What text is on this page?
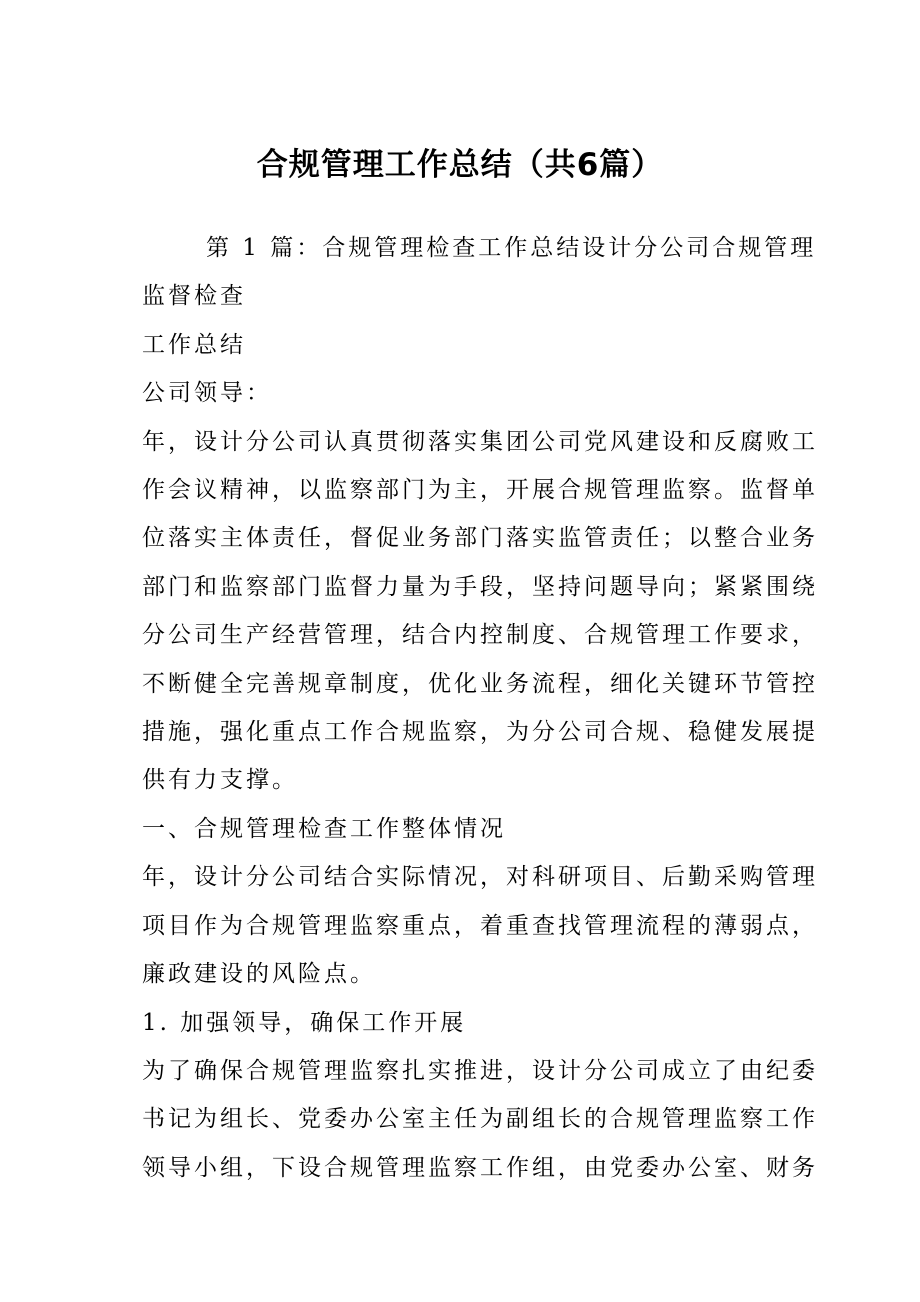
合规管理工作总结（共6篇）

第 1 篇：合规管理检查工作总结设计分公司合规管理

监督检查

工作总结

公司领导：

年，设计分公司认真贯彻落实集团公司党风建设和反腐败工

作会议精神，以监察部门为主，开展合规管理监察。监督单

位落实主体责任，督促业务部门落实监管责任；以整合业务

部门和监察部门监督力量为手段，坚持问题导向；紧紧围绕

分公司生产经营管理，结合内控制度、合规管理工作要求，

不断健全完善规章制度，优化业务流程，细化关键环节管控

措施，强化重点工作合规监察，为分公司合规、稳健发展提

供有力支撑。

一、合规管理检查工作整体情况

年，设计分公司结合实际情况，对科研项目、后勤采购管理

项目作为合规管理监察重点，着重查找管理流程的薄弱点，

廉政建设的风险点。

1. 加强领导，确保工作开展

为了确保合规管理监察扎实推进，设计分公司成立了由纪委

书记为组长、党委办公室主任为副组长的合规管理监察工作

领导小组，下设合规管理监察工作组，由党委办公室、财务
